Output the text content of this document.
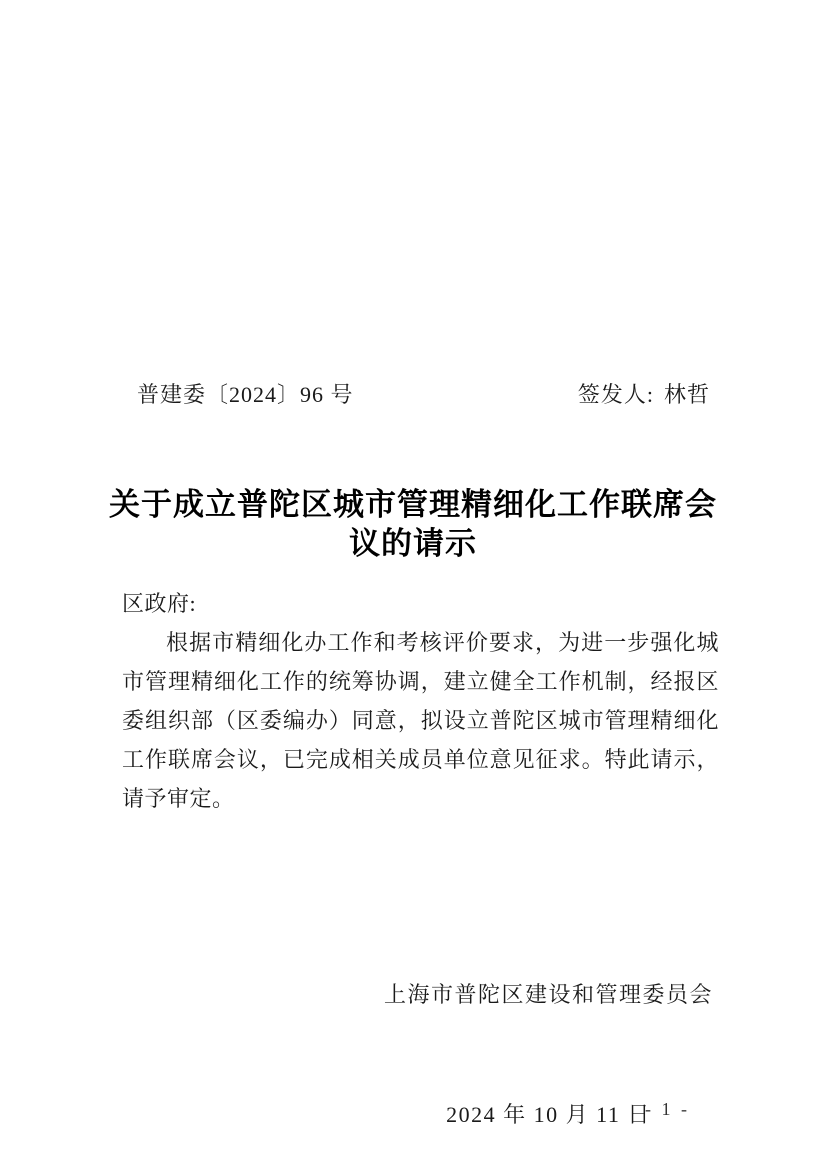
普建委〔2024〕96 号	签发人: 林哲
关于成立普陀区城市管理精细化工作联席会
议的请示

区政府:

根据市精细化办工作和考核评价要求，为进一步强化城市管理精细化工作的统筹协调，建立健全工作机制，经报区委组织部（区委编办）同意，拟设立普陀区城市管理精细化工作联席会议，已完成相关成员单位意见征求。特此请示，请予审定。

上海市普陀区建设和管理委员会

2024 年 10 月 11 日

- 1 -
